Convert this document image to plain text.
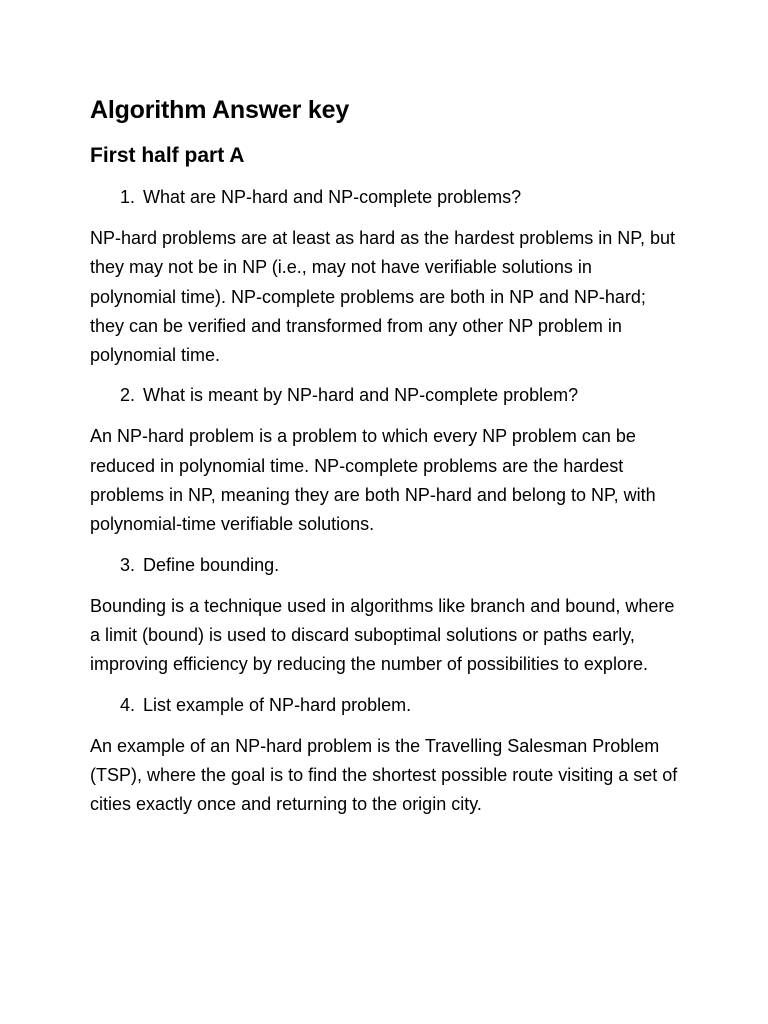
Algorithm Answer key
First half part A
1. What are NP-hard and NP-complete problems?
NP-hard problems are at least as hard as the hardest problems in NP, but they may not be in NP (i.e., may not have verifiable solutions in polynomial time). NP-complete problems are both in NP and NP-hard; they can be verified and transformed from any other NP problem in polynomial time.
2. What is meant by NP-hard and NP-complete problem?
An NP-hard problem is a problem to which every NP problem can be reduced in polynomial time. NP-complete problems are the hardest problems in NP, meaning they are both NP-hard and belong to NP, with polynomial-time verifiable solutions.
3. Define bounding.
Bounding is a technique used in algorithms like branch and bound, where a limit (bound) is used to discard suboptimal solutions or paths early, improving efficiency by reducing the number of possibilities to explore.
4. List example of NP-hard problem.
An example of an NP-hard problem is the Travelling Salesman Problem (TSP), where the goal is to find the shortest possible route visiting a set of cities exactly once and returning to the origin city.
